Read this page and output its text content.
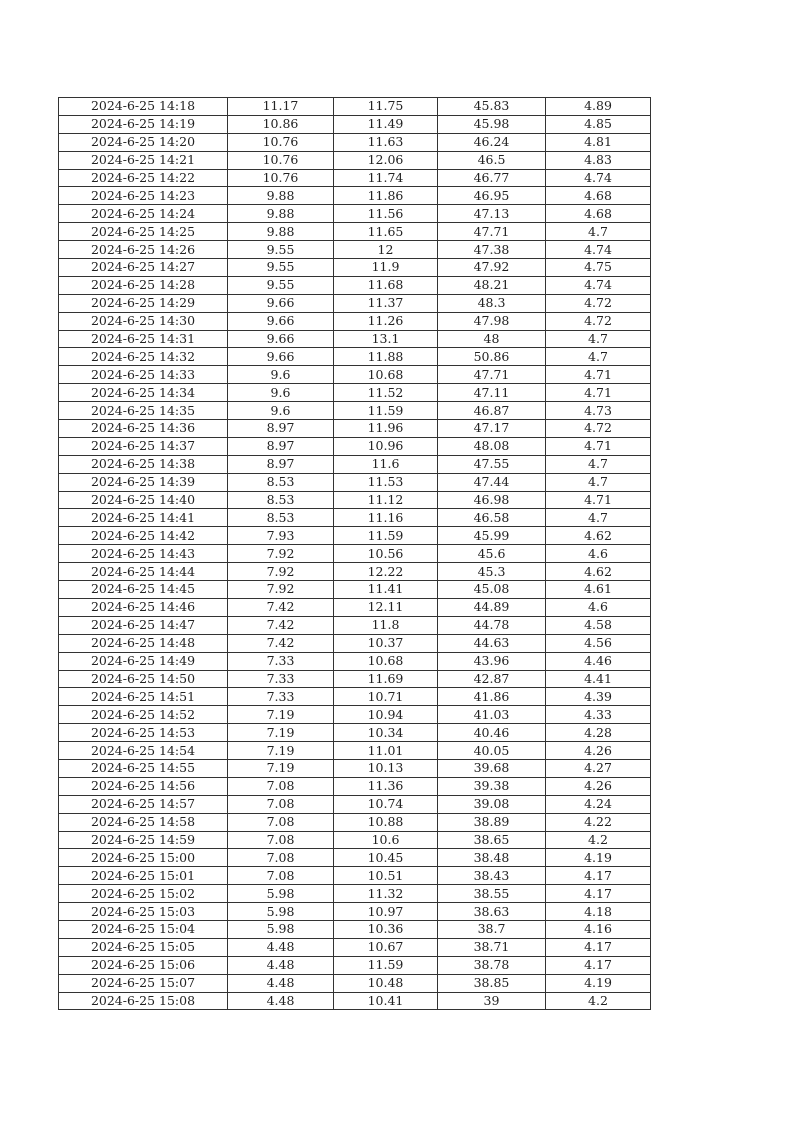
2024-6-25 14:18	11.17	11.75	45.83	4.89
2024-6-25 14:19	10.86	11.49	45.98	4.85
2024-6-25 14:20	10.76	11.63	46.24	4.81
2024-6-25 14:21	10.76	12.06	46.5	4.83
2024-6-25 14:22	10.76	11.74	46.77	4.74
2024-6-25 14:23	9.88	11.86	46.95	4.68
2024-6-25 14:24	9.88	11.56	47.13	4.68
2024-6-25 14:25	9.88	11.65	47.71	4.7
2024-6-25 14:26	9.55	12	47.38	4.74
2024-6-25 14:27	9.55	11.9	47.92	4.75
2024-6-25 14:28	9.55	11.68	48.21	4.74
2024-6-25 14:29	9.66	11.37	48.3	4.72
2024-6-25 14:30	9.66	11.26	47.98	4.72
2024-6-25 14:31	9.66	13.1	48	4.7
2024-6-25 14:32	9.66	11.88	50.86	4.7
2024-6-25 14:33	9.6	10.68	47.71	4.71
2024-6-25 14:34	9.6	11.52	47.11	4.71
2024-6-25 14:35	9.6	11.59	46.87	4.73
2024-6-25 14:36	8.97	11.96	47.17	4.72
2024-6-25 14:37	8.97	10.96	48.08	4.71
2024-6-25 14:38	8.97	11.6	47.55	4.7
2024-6-25 14:39	8.53	11.53	47.44	4.7
2024-6-25 14:40	8.53	11.12	46.98	4.71
2024-6-25 14:41	8.53	11.16	46.58	4.7
2024-6-25 14:42	7.93	11.59	45.99	4.62
2024-6-25 14:43	7.92	10.56	45.6	4.6
2024-6-25 14:44	7.92	12.22	45.3	4.62
2024-6-25 14:45	7.92	11.41	45.08	4.61
2024-6-25 14:46	7.42	12.11	44.89	4.6
2024-6-25 14:47	7.42	11.8	44.78	4.58
2024-6-25 14:48	7.42	10.37	44.63	4.56
2024-6-25 14:49	7.33	10.68	43.96	4.46
2024-6-25 14:50	7.33	11.69	42.87	4.41
2024-6-25 14:51	7.33	10.71	41.86	4.39
2024-6-25 14:52	7.19	10.94	41.03	4.33
2024-6-25 14:53	7.19	10.34	40.46	4.28
2024-6-25 14:54	7.19	11.01	40.05	4.26
2024-6-25 14:55	7.19	10.13	39.68	4.27
2024-6-25 14:56	7.08	11.36	39.38	4.26
2024-6-25 14:57	7.08	10.74	39.08	4.24
2024-6-25 14:58	7.08	10.88	38.89	4.22
2024-6-25 14:59	7.08	10.6	38.65	4.2
2024-6-25 15:00	7.08	10.45	38.48	4.19
2024-6-25 15:01	7.08	10.51	38.43	4.17
2024-6-25 15:02	5.98	11.32	38.55	4.17
2024-6-25 15:03	5.98	10.97	38.63	4.18
2024-6-25 15:04	5.98	10.36	38.7	4.16
2024-6-25 15:05	4.48	10.67	38.71	4.17
2024-6-25 15:06	4.48	11.59	38.78	4.17
2024-6-25 15:07	4.48	10.48	38.85	4.19
2024-6-25 15:08	4.48	10.41	39	4.2
